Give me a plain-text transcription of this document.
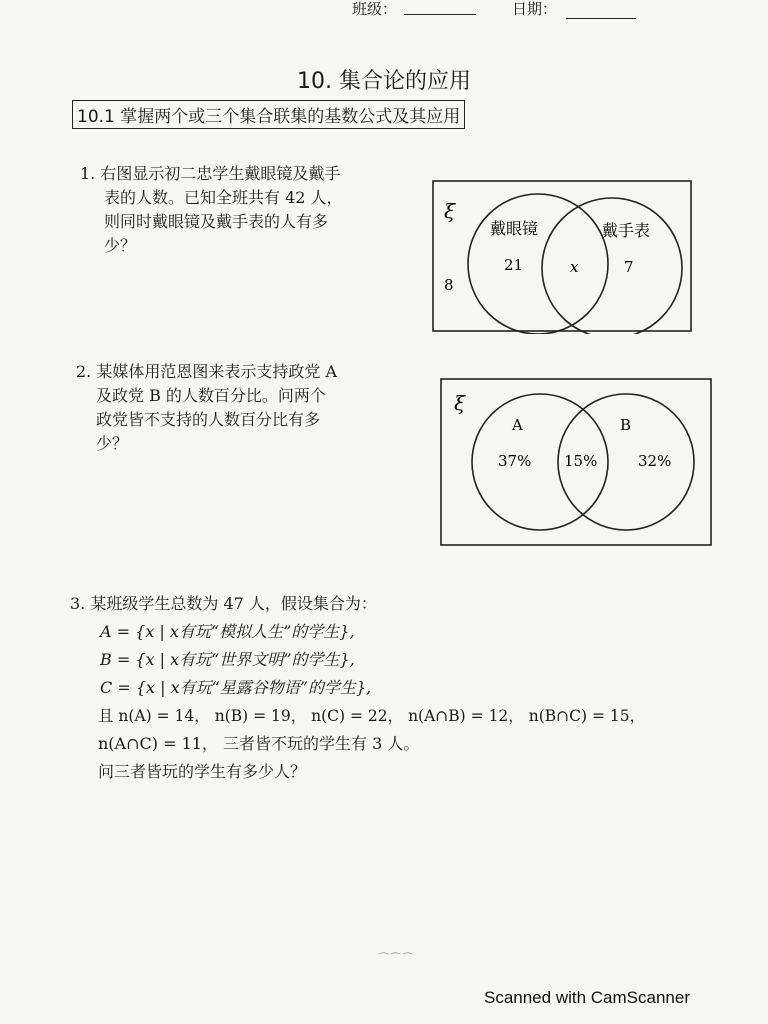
班级：	日期：
10. 集合论的应用
10.1 掌握两个或三个集合联集的基数公式及其应用
1. 右图显示初二忠学生戴眼镜及戴手
表的人数。已知全班共有 42 人，
则同时戴眼镜及戴手表的人有多
少？
ξ
戴眼镜	戴手表
21	x	7
8
2. 某媒体用范恩图来表示支持政党 A
及政党 B 的人数百分比。问两个
政党皆不支持的人数百分比有多
少？
ξ
A	B
37% 15%	32%
3. 某班级学生总数为 47 人，假设集合为：
A = {x | x有玩“模拟人生”的学生},
B = {x | x有玩“世界文明”的学生},
C = {x | x有玩“星露谷物语”的学生},
且 n(A) = 14， n(B) = 19， n(C) = 22， n(A∩B) = 12， n(B∩C) = 15，
n(A∩C) = 11， 三者皆不玩的学生有 3 人。
问三者皆玩的学生有多少人？
⌒⌒⌒
Scanned with CamScanner
